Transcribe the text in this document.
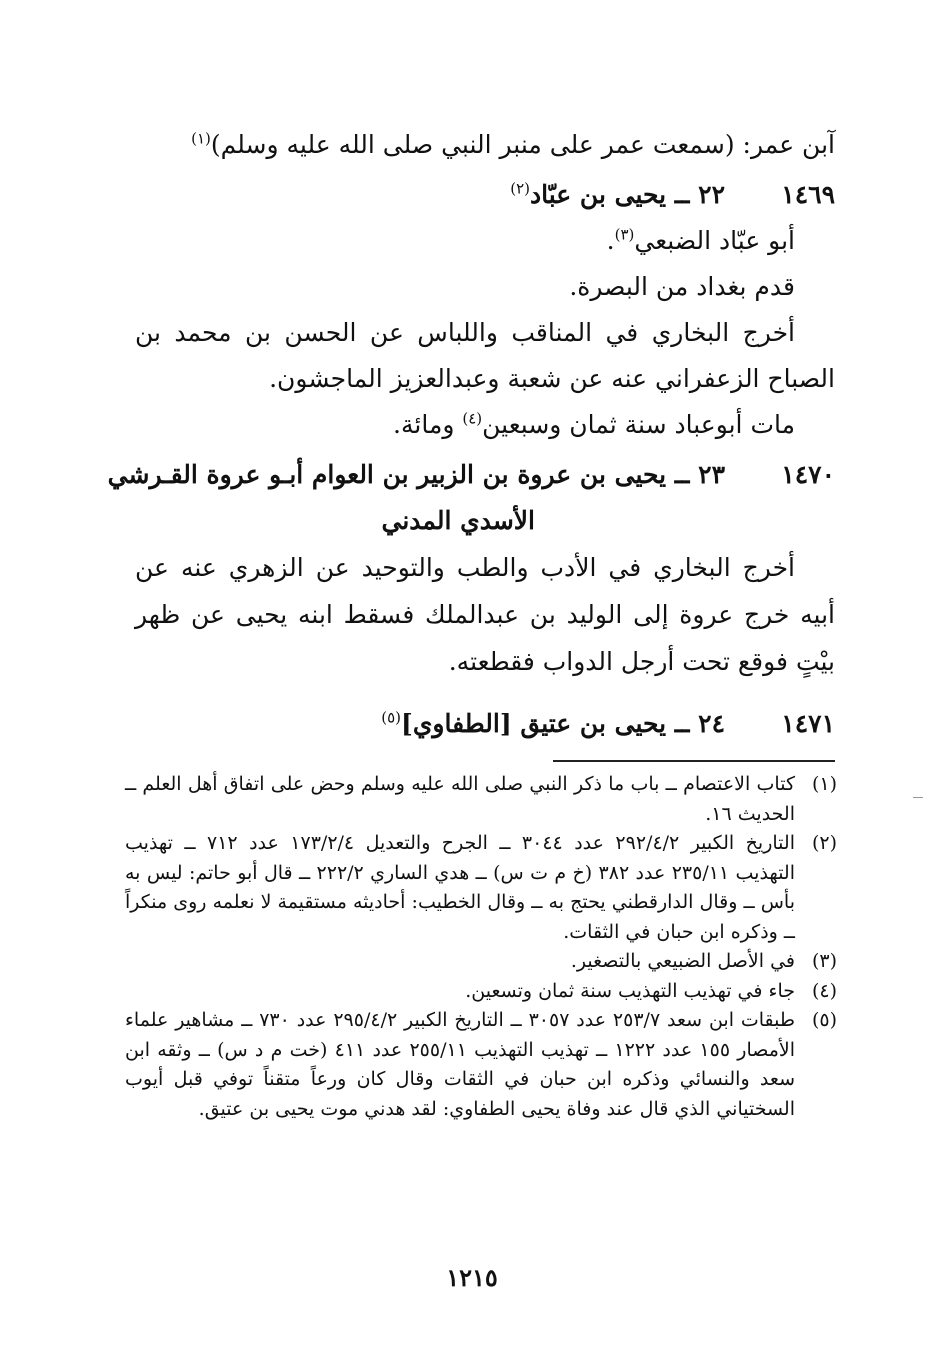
آبن عمر: (سمعت عمر على منبر النبي صلى الله عليه وسلم)$^{(١)}$
١٤٦٩٢٢ ــ يحيى بن عبّاد$^{(٢)}$
أبو عبّاد الضبعي$^{(٣)}$.
قدم بغداد من البصرة.
أخرج البخاري في المناقب واللباس عن الحسن بن محمد بن الصباح الزعفراني عنه عن شعبة وعبدالعزيز الماجشون.
مات أبوعباد سنة ثمان وسبعين$^{(٤)}$ ومائة.
١٤٧٠٢٣ ــ يحيى بن عروة بن الزبير بن العوام أبـو عروة القـرشي
الأسدي المدني
أخرج البخاري في الأدب والطب والتوحيد عن الزهري عنه عن أبيه خرج عروة إلى الوليد بن عبدالملك فسقط ابنه يحيى عن ظهر بيْتٍ فوقع تحت أرجل الدواب فقطعته.
١٤٧١٢٤ ــ يحيى بن عتيق [الطفاوي]$^{(٥)}$
(١)
كتاب الاعتصام ــ باب ما ذكر النبي صلى الله عليه وسلم وحض على اتفاق أهل العلم ــ الحديث ١٦.
(٢)
التاريخ الكبير ٢٩٢/٤/٢ عدد ٣٠٤٤ ــ الجرح والتعديل ١٧٣/٢/٤ عدد ٧١٢ ــ تهذيب التهذيب ٢٣٥/١١ عدد ٣٨٢ (خ م ت س) ــ هدي الساري ٢٢٢/٢ ــ قال أبو حاتم: ليس به بأس ــ وقال الدارقطني يحتج به ــ وقال الخطيب: أحاديثه مستقيمة لا نعلمه روى منكراً ــ وذكره ابن حبان في الثقات.
(٣)
في الأصل الضبيعي بالتصغير.
(٤)
جاء في تهذيب التهذيب سنة ثمان وتسعين.
(٥)
طبقات ابن سعد ٢٥٣/٧ عدد ٣٠٥٧ ــ التاريخ الكبير ٢٩٥/٤/٢ عدد ٧٣٠ ــ مشاهير علماء الأمصار ١٥٥ عدد ١٢٢٢ ــ تهذيب التهذيب ٢٥٥/١١ عدد ٤١١ (خت م د س) ــ وثقه ابن سعد والنسائي وذكره ابن حبان في الثقات وقال كان ورعاً متقناً توفي قبل أيوب السختياني الذي قال عند وفاة يحيى الطفاوي: لقد هدني موت يحيى بن عتيق.
١٢١٥
